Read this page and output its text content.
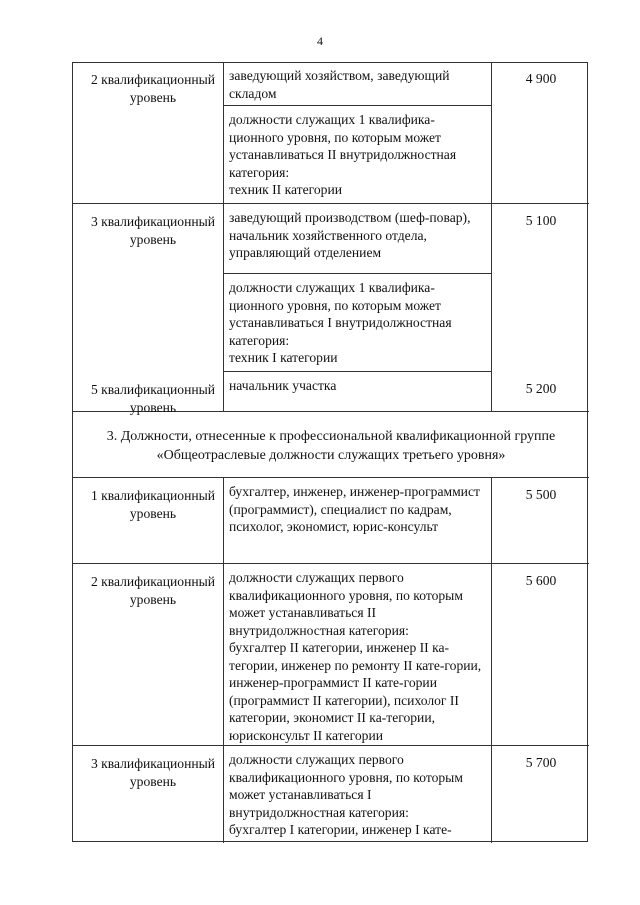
4
2 квалификационный уровень
заведующий хозяйством, заведующий складом
4 900
должности служащих 1 квалифика-ционного уровня, по которым может устанавливаться II внутридолжностная категория:
техник II категории
3 квалификационный уровень
заведующий производством (шеф-повар), начальник хозяйственного отдела, управляющий отделением
5 100
должности служащих 1 квалифика-ционного уровня, по которым может устанавливаться I внутридолжностная категория:
техник I категории
5 квалификационный уровень
начальник участка	5 200
3. Должности, отнесенные к профессиональной квалификационной группе «Общеотраслевые должности служащих третьего уровня»
1 квалификационный уровень
бухгалтер, инженер, инженер-программист (программист), специалист по кадрам, психолог, экономист, юрис-консульт
5 500
2 квалификационный уровень
должности служащих первого квалификационного уровня, по которым может устанавливаться II внутридолжностная категория:
бухгалтер II категории, инженер II ка-тегории, инженер по ремонту II кате-гории, инженер-программист II кате-гории (программист II категории), психолог II категории, экономист II ка-тегории, юрисконсульт II категории
5 600
3 квалификационный уровень
должности служащих первого квалификационного уровня, по которым может устанавливаться I внутридолжностная категория:
бухгалтер I категории, инженер I кате-
5 700
